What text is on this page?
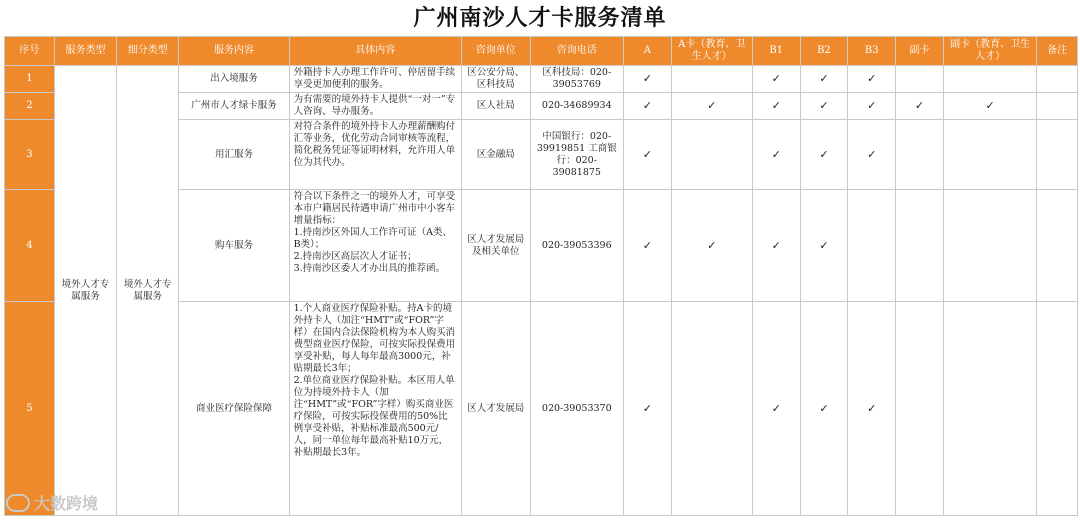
广州南沙人才卡服务清单
序号	服务类型	细分类型	服务内容	具体内容	咨询单位	咨询电话	A	A卡（教育、卫生人才）	B1	B2	B3	副卡	副卡（教育、卫生人才）	备注
1	境外人才专属服务	境外人才专属服务	出入境服务	外籍持卡人办理工作许可、停居留手续享受更加便利的服务。	区公安分局、区科技局	区科技局：020-39053769	✓		✓	✓	✓			
2			广州市人才绿卡服务	为有需要的境外持卡人提供“一对一”专人咨询、导办服务。	区人社局	020-34689934	✓	✓	✓	✓	✓	✓	✓	
3			用汇服务	对符合条件的境外持卡人办理薪酬购付汇等业务，优化劳动合同审核等流程，简化税务凭证等证明材料，允许用人单位为其代办。	区金融局	中国银行：020-39919851 工商银行：020-39081875	✓		✓	✓	✓			
4			购车服务	符合以下条件之一的境外人才，可享受本市户籍居民待遇申请广州市中小客车增量指标：
1.持南沙区外国人工作许可证（A类、B类）；
2.持南沙区高层次人才证书；
3.持南沙区委人才办出具的推荐函。	区人才发展局及相关单位	020-39053396	✓	✓	✓	✓				
5			商业医疗保险保障	1.个人商业医疗保险补贴。持A卡的境外持卡人（加注“HMT”或“FOR”字样）在国内合法保险机构为本人购买消费型商业医疗保险，可按实际投保费用享受补贴，每人每年最高3000元，补贴期最长3年；
2.单位商业医疗保险补贴。本区用人单位为持境外持卡人（加注“HMT”或“FOR”字样）购买商业医疗保险，可按实际投保费用的50%比例享受补贴，补贴标准最高500元/人，同一单位每年最高补贴10万元，补贴期最长3年。	区人才发展局	020-39053370	✓		✓	✓	✓			
大数跨境
